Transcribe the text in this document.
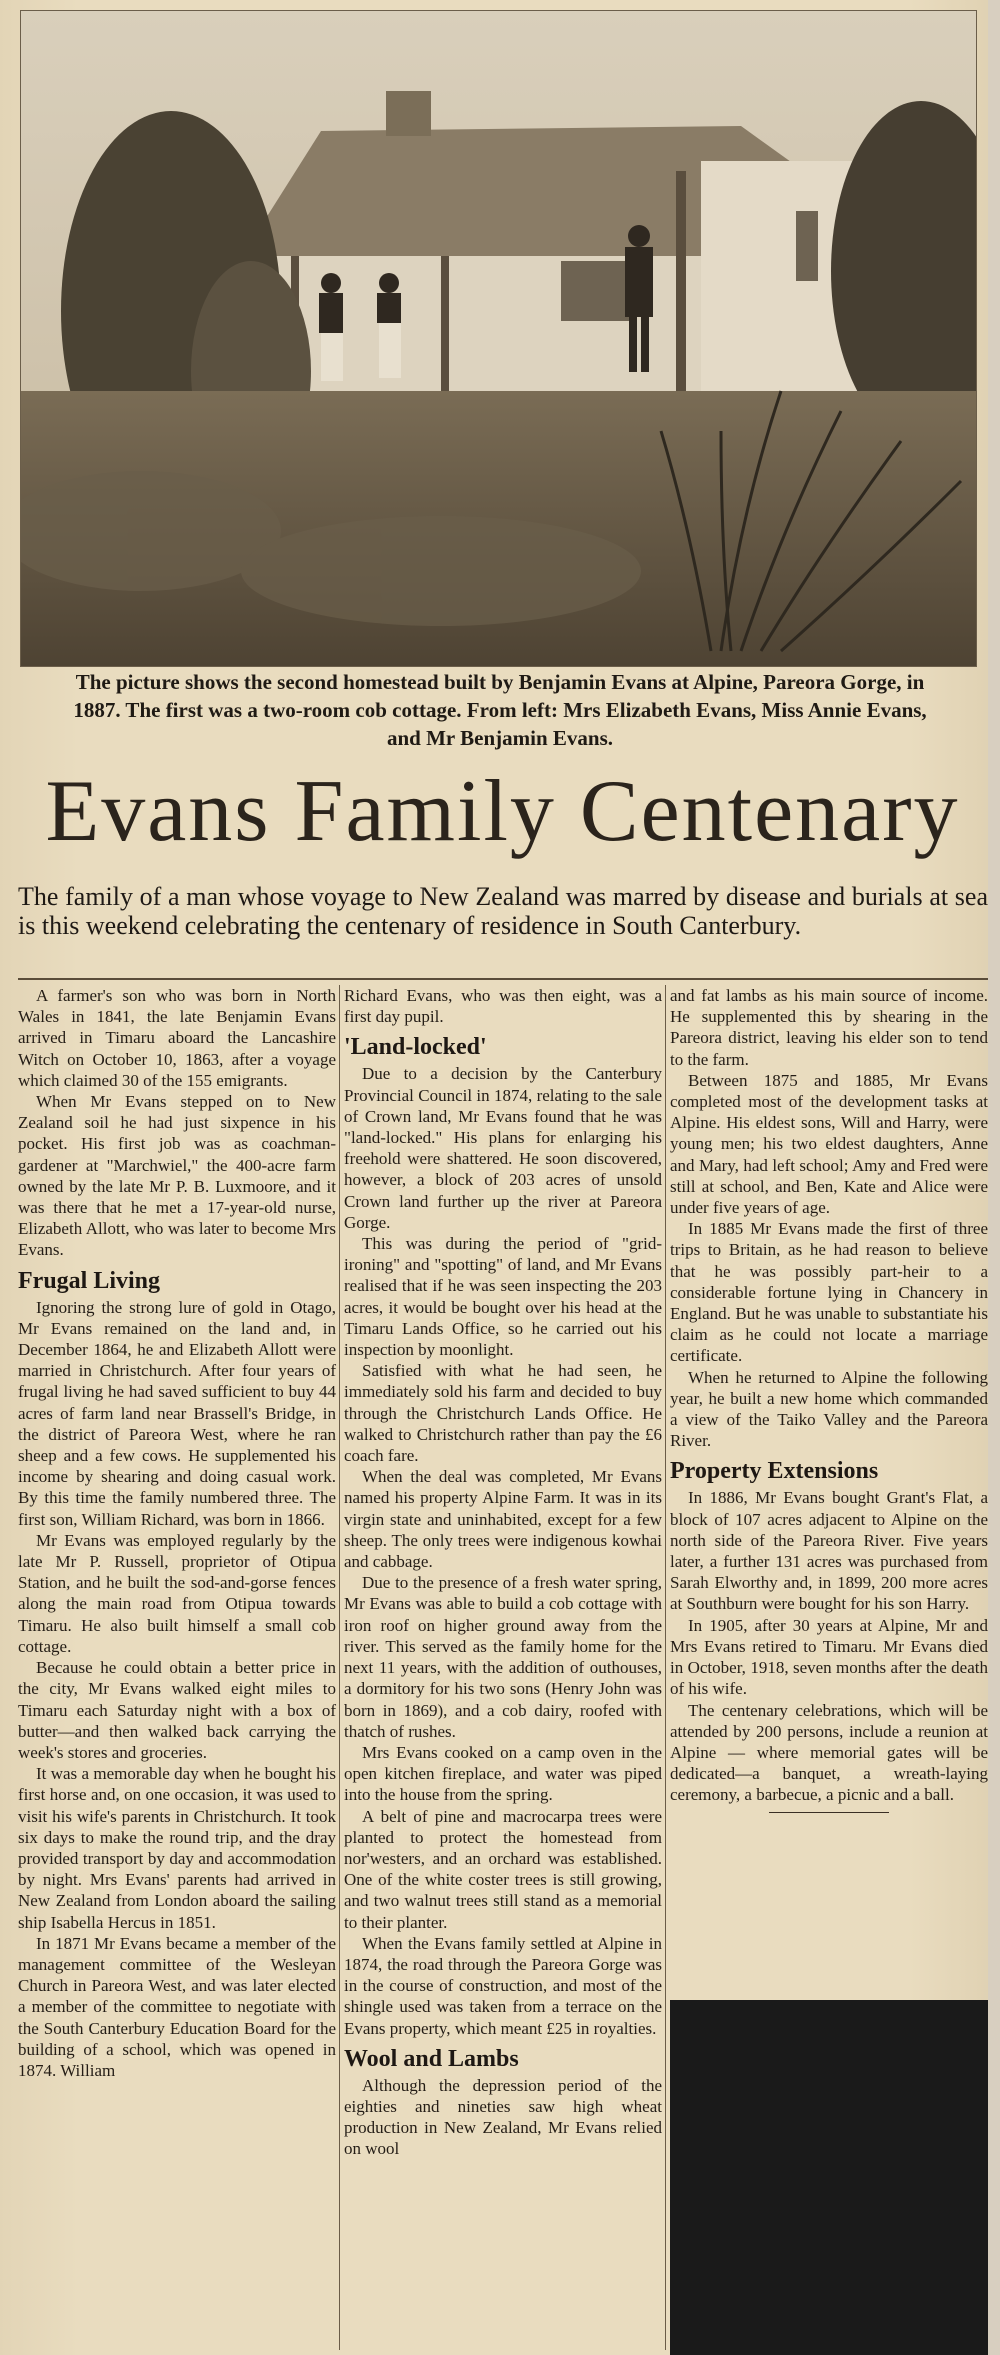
The picture shows the second homestead built by Benjamin Evans at Alpine, Pareora Gorge, in 1887. The first was a two-room cob cottage. From left: Mrs Elizabeth Evans, Miss Annie Evans, and Mr Benjamin Evans.
Evans Family Centenary
The family of a man whose voyage to New Zealand was marred by disease and burials at sea is this weekend celebrating the centenary of residence in South Canterbury.

A farmer's son who was born in North Wales in 1841, the late Benjamin Evans arrived in Timaru aboard the Lancashire Witch on October 10, 1863, after a voyage which claimed 30 of the 155 emigrants.

When Mr Evans stepped on to New Zealand soil he had just sixpence in his pocket. His first job was as coachman-gardener at "Marchwiel," the 400-acre farm owned by the late Mr P. B. Luxmoore, and it was there that he met a 17-year-old nurse, Elizabeth Allott, who was later to become Mrs Evans.

Frugal Living

Ignoring the strong lure of gold in Otago, Mr Evans remained on the land and, in December 1864, he and Elizabeth Allott were married in Christchurch. After four years of frugal living he had saved sufficient to buy 44 acres of farm land near Brassell's Bridge, in the district of Pareora West, where he ran sheep and a few cows. He supplemented his income by shearing and doing casual work. By this time the family numbered three. The first son, William Richard, was born in 1866.

Mr Evans was employed regularly by the late Mr P. Russell, proprietor of Otipua Station, and he built the sod-and-gorse fences along the main road from Otipua towards Timaru. He also built himself a small cob cottage.

Because he could obtain a better price in the city, Mr Evans walked eight miles to Timaru each Saturday night with a box of butter—and then walked back carrying the week's stores and groceries.

It was a memorable day when he bought his first horse and, on one occasion, it was used to visit his wife's parents in Christchurch. It took six days to make the round trip, and the dray provided transport by day and accommodation by night. Mrs Evans' parents had arrived in New Zealand from London aboard the sailing ship Isabella Hercus in 1851.

In 1871 Mr Evans became a member of the management committee of the Wesleyan Church in Pareora West, and was later elected a member of the committee to negotiate with the South Canterbury Education Board for the building of a school, which was opened in 1874. William

Richard Evans, who was then eight, was a first day pupil.

'Land-locked'

Due to a decision by the Canterbury Provincial Council in 1874, relating to the sale of Crown land, Mr Evans found that he was "land-locked." His plans for enlarging his freehold were shattered. He soon discovered, however, a block of 203 acres of unsold Crown land further up the river at Pareora Gorge.

This was during the period of "grid-ironing" and "spotting" of land, and Mr Evans realised that if he was seen inspecting the 203 acres, it would be bought over his head at the Timaru Lands Office, so he carried out his inspection by moonlight.

Satisfied with what he had seen, he immediately sold his farm and decided to buy through the Christchurch Lands Office. He walked to Christchurch rather than pay the £6 coach fare.

When the deal was completed, Mr Evans named his property Alpine Farm. It was in its virgin state and uninhabited, except for a few sheep. The only trees were indigenous kowhai and cabbage.

Due to the presence of a fresh water spring, Mr Evans was able to build a cob cottage with iron roof on higher ground away from the river. This served as the family home for the next 11 years, with the addition of outhouses, a dormitory for his two sons (Henry John was born in 1869), and a cob dairy, roofed with thatch of rushes.

Mrs Evans cooked on a camp oven in the open kitchen fireplace, and water was piped into the house from the spring.

A belt of pine and macrocarpa trees were planted to protect the homestead from nor'westers, and an orchard was established. One of the white coster trees is still growing, and two walnut trees still stand as a memorial to their planter.

When the Evans family settled at Alpine in 1874, the road through the Pareora Gorge was in the course of construction, and most of the shingle used was taken from a terrace on the Evans property, which meant £25 in royalties.

Wool and Lambs

Although the depression period of the eighties and nineties saw high wheat production in New Zealand, Mr Evans relied on wool

and fat lambs as his main source of income. He supplemented this by shearing in the Pareora district, leaving his elder son to tend to the farm.

Between 1875 and 1885, Mr Evans completed most of the development tasks at Alpine. His eldest sons, Will and Harry, were young men; his two eldest daughters, Anne and Mary, had left school; Amy and Fred were still at school, and Ben, Kate and Alice were under five years of age.

In 1885 Mr Evans made the first of three trips to Britain, as he had reason to believe that he was possibly part-heir to a considerable fortune lying in Chancery in England. But he was unable to substantiate his claim as he could not locate a marriage certificate.

When he returned to Alpine the following year, he built a new home which commanded a view of the Taiko Valley and the Pareora River.

Property Extensions

In 1886, Mr Evans bought Grant's Flat, a block of 107 acres adjacent to Alpine on the north side of the Pareora River. Five years later, a further 131 acres was purchased from Sarah Elworthy and, in 1899, 200 more acres at Southburn were bought for his son Harry.

In 1905, after 30 years at Alpine, Mr and Mrs Evans retired to Timaru. Mr Evans died in October, 1918, seven months after the death of his wife.

The centenary celebrations, which will be attended by 200 persons, include a reunion at Alpine — where memorial gates will be dedicated—a banquet, a wreath-laying ceremony, a barbecue, a picnic and a ball.
